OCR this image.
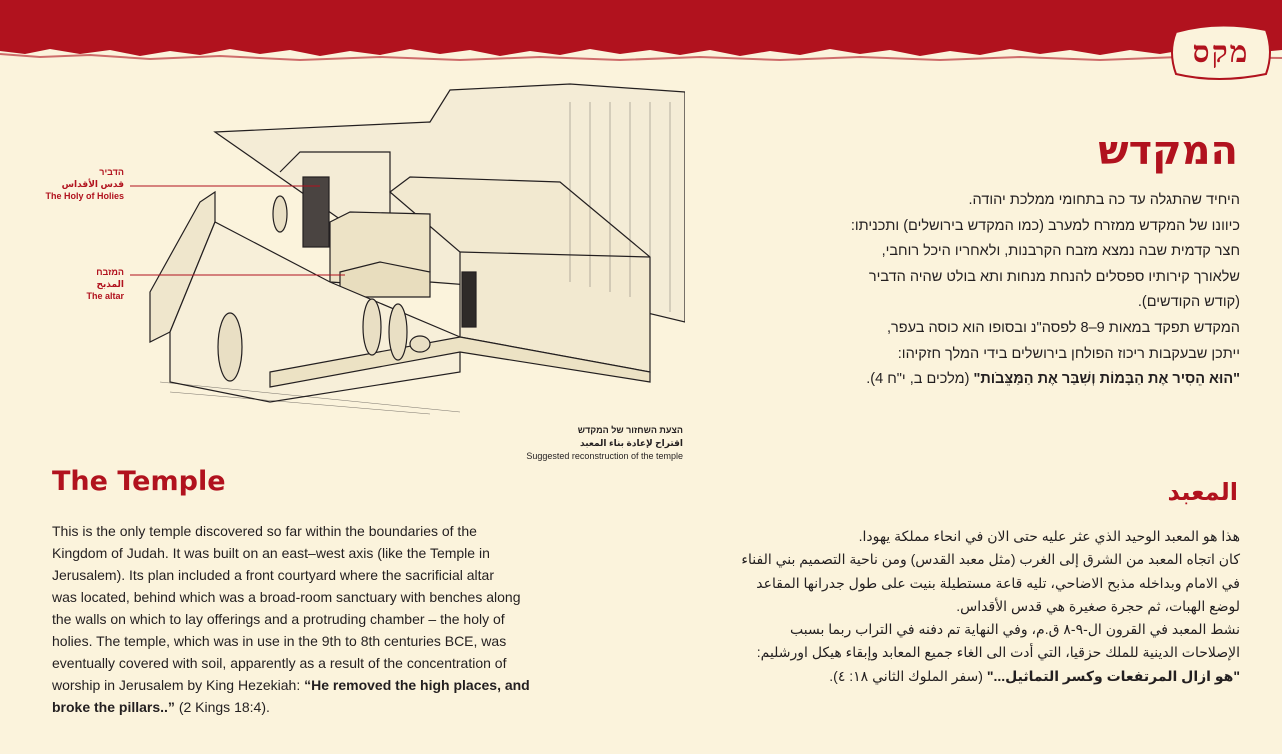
מקס
הדביר
قدس الأقداس
The Holy of Holies
המזבח
المذبح
The altar
הצעת השחזור של המקדש
اقتراح لإعادة بناء المعبد
Suggested reconstruction of the temple
המקדש

היחיד שהתגלה עד כה בתחומי ממלכת יהודה.

כיוונו של המקדש ממזרח למערב (כמו המקדש בירושלים) ותכניתו:

חצר קדמית שבה נמצא מזבח הקרבנות, ולאחריו היכל רוחבי,

שלאורך קירותיו ספסלים להנחת מנחות ותא בולט שהיה הדביר

(קודש הקודשים).

המקדש תפקד במאות 9–8 לפסה"נ ובסופו הוא כוסה בעפר,

ייתכן שבעקבות ריכוז הפולחן בירושלים בידי המלך חזקיהו:

"הוּא הֵסִיר אֶת הַבָּמוֹת וְשִׁבַּר אֶת הַמַּצֵּבֹות" (מלכים ב, י"ח 4).

المعبد

هذا هو المعبد الوحيد الذي عثر عليه حتى الان في انحاء مملكة يهودا.

كان اتجاه المعبد من الشرق إلى الغرب (مثل معبد القدس) ومن ناحية التصميم بني الفناء

في الامام وبداخله مذبح الاضاحي، تليه قاعة مستطيلة بنيت على طول جدرانها المقاعد

لوضع الهبات، ثم حجرة صغيرة هي قدس الأقداس.

نشط المعبد في القرون ال-٩-٨ ق.م، وفي النهاية تم دفنه في التراب ربما بسبب

الإصلاحات الدينية للملك حزقيا، التي أدت الى الغاء جميع المعابد وإبقاء هيكل اورشليم:

"هو ازال المرتفعات وكسر التماثيل..." (سفر الملوك الثاني ١٨: ٤).

The Temple

This is the only temple discovered so far within the boundaries of the

Kingdom of Judah. It was built on an east–west axis (like the Temple in

Jerusalem). Its plan included a front courtyard where the sacrificial altar

was located, behind which was a broad-room sanctuary with benches along

the walls on which to lay offerings and a protruding chamber – the holy of

holies. The temple, which was in use in the 9th to 8th centuries BCE, was

eventually covered with soil, apparently as a result of the concentration of

worship in Jerusalem by King Hezekiah: “He removed the high places, and

broke the pillars..” (2 Kings 18:4).
